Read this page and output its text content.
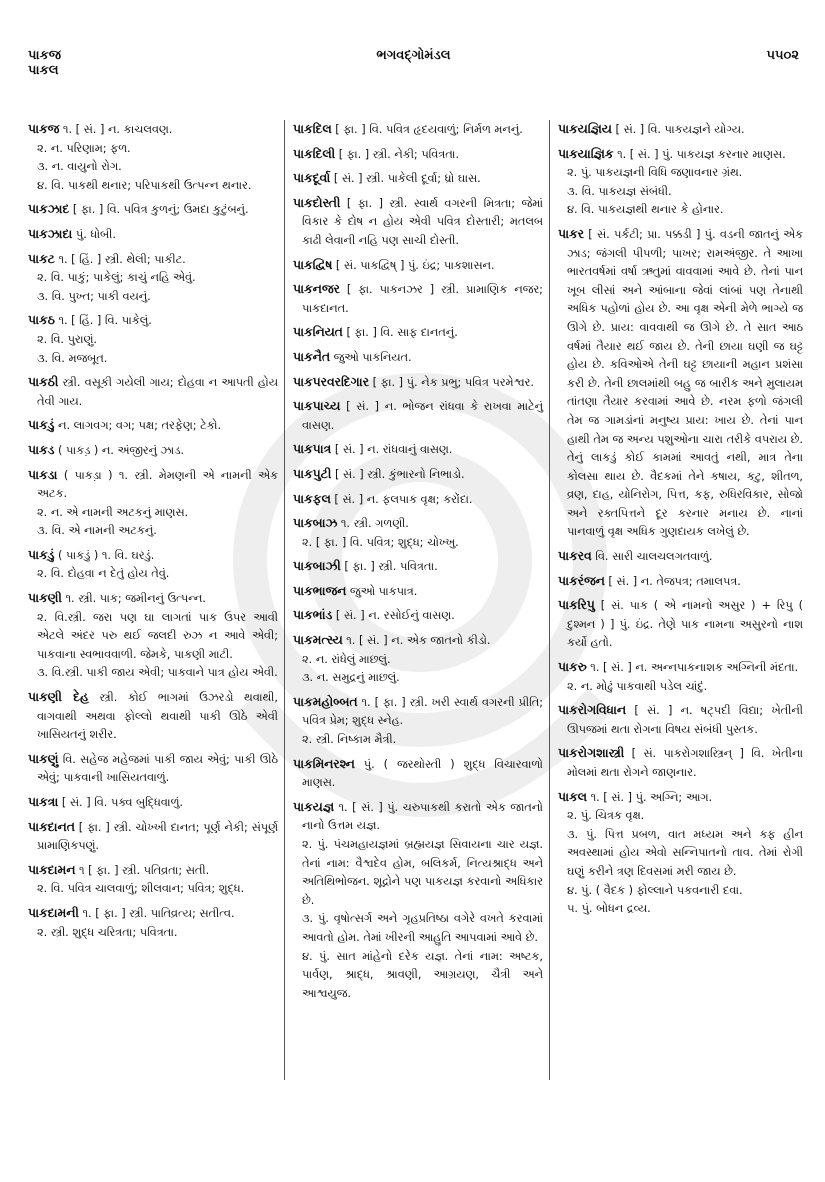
પાકજ
પાકલ
ભગવદ્ગોમંડલ	૫૫૦૨
પાકજ ૧. [ સં. ] ન. કાચલવણ.
૨. ન. પરિણામ; ફળ.
૩. ન. વાયુનો રોગ.
૪. વિ. પાકથી થનાર; પરિપાકથી ઉત્પન્ન થનાર.
પાકઝાદ [ ફા. ] વિ. પવિત્ર કુળનું; ઉમદા કુટુંબનું.
પાકઝાદા પું. ધોબી.
પાકટ ૧. [ હિં. ] સ્ત્રી. થેલી; પાકીટ.
૨. વિ. પાકું; પાકેલું; કાચું નહિ એવું.
૩. વિ. પુખ્ત; પાકી વયનું.
પાકઠ ૧. [ હિં. ] વિ. પાકેલું.
૨. વિ. પુરાણું.
૩. વિ. મજબૂત.
પાકઠી સ્ત્રી. વસૂકી ગયેલી ગાય; દોહવા ન આપતી હોય તેવી ગાય.
પાકડું ન. લાગવગ; વગ; પક્ષ; તરફેણ; ટેકો.
પાકડ ( પાકડ઼ ) ન. અંજીરનું ઝાડ.
પાકડા ( પાકડ઼ા ) ૧. સ્ત્રી. મેમણની એ નામની એક અટક.
૨. ન. એ નામની અટકનું માણસ.
૩. વિ. એ નામની અટકનું.
પાકડું ( પાકડ઼ું ) ૧. વિ. ઘરડું.
૨. વિ. દોહવા ન દેતું હોય તેવું.
પાકણી ૧. સ્ત્રી. પાક; જમીનનું ઉત્પન્ન.
૨. વિ.સ્ત્રી. જરા પણ ઘા લાગતાં પાક ઉપર આવી એટલે અંદર પરુ થઈ જલદી રુઝ ન આવે એવી; પાકવાના સ્વભાવવાળી. જેમકે, પાકણી માટી.
૩. વિ.સ્ત્રી. પાકી જાય એવી; પાકવાને પાત્ર હોય એવી.
પાકણી દેહ સ્ત્રી. કોઈ ભાગમાં ઉઝરડો થવાથી, વાગવાથી અથવા ફોલ્લો થવાથી પાકી ઊઠે એવી ખાસિયતનું શરીર.
પાકણું વિ. સહેજ મહેજમાં પાકી જાય એવું; પાકી ઊઠે એવું; પાકવાની ખાસિયતવાળું.
પાકત્રા [ સં. ] વિ. પક્વ બુદ્ધિવાળું.
પાકદાનત [ ફા. ] સ્ત્રી. ચોખ્ખી દાનત; પૂર્ણ નેકી; સંપૂર્ણ પ્રામાણિકપણું.
પાકદામન ૧ [ ફા. ] સ્ત્રી. પતિવ્રતા; સતી.
૨. વિ. પવિત્ર ચાલવાળું; શીલવાન; પવિત્ર; શુદ્ધ.
પાકદામની ૧. [ ફા. ] સ્ત્રી. પાતિવ્રત્ય; સતીત્વ.
૨. સ્ત્રી. શુદ્ધ ચરિત્રતા; પવિત્રતા.
પાકદિલ [ ફા. ] વિ. પવિત્ર હૃદયવાળું; નિર્મળ મનનું.
પાકદિલી [ ફા. ] સ્ત્રી. નેકી; પવિત્રતા.
પાકદૂર્વા [ સં. ] સ્ત્રી. પાકેલી દૂર્વા; ધ્રો ઘાસ.
પાકદોસ્તી [ ફા. ] સ્ત્રી. સ્વાર્થ વગરની મિત્રતા; જેમાં વિકાર કે દોષ ન હોય એવી પવિત્ર દોસ્તારી; મતલબ કાઢી લેવાની નહિ પણ સાચી દોસ્તી.
પાકદ્વિષ [ સં. પાકદ્વિષ્ ] પું. ઇંદ્ર; પાકશાસન.
પાકનજર [ ફા. પાકનઝર ] સ્ત્રી. પ્રામાણિક નજર; પાકદાનત.
પાકનિયત [ ફા. ] વિ. સાફ દાનતનું.
પાકનૈત જુઓ પાકનિયત.
પાકપરવરદિગાર [ ફા. ] પું. નેક પ્રભુ; પવિત્ર પરમેશ્વર.
પાકપાચ્ય [ સં. ] ન. ભોજન રાંધવા કે રાખવા માટેનું વાસણ.
પાકપાત્ર [ સં. ] ન. રાંધવાનું વાસણ.
પાકપુટી [ સં. ] સ્ત્રી. કુંભારનો નિભાડો.
પાકફલ [ સં. ] ન. ફલપાક વૃક્ષ; કરોંદા.
પાકબાઝ ૧. સ્ત્રી. ગળણી.
૨. [ ફા. ] વિ. પવિત્ર; શુદ્ધ; ચોખ્ખુ.
પાકબાઝી [ ફા. ] સ્ત્રી. પવિત્રતા.
પાકભાજન જુઓ પાકપાત્ર.
પાકભાંડ [ સં. ] ન. રસોઈનું વાસણ.
પાકમત્સ્ય ૧. [ સં. ] ન. એક જાતનો કીડો.
૨. ન. રાંધેલું માછલું.
૩. ન. સમુદ્રનું માછલું.
પાકમહોબ્બત ૧. [ ફા. ] સ્ત્રી. ખરી સ્વાર્થ વગરની પ્રીતિ; પવિત્ર પ્રેમ; શુદ્ધ સ્નેહ.
૨. સ્ત્રી. નિષ્કામ મૈત્રી.
પાકમિનરશ્ન પું. ( જરથોસ્તી ) શુદ્ધ વિચારવાળો માણસ.
પાકયજ્ઞ ૧. [ સં. ] પું. ચરુપાકથી કરાતો એક જાતનો નાનો ઉત્તમ યજ્ઞ.
૨. પું. પંચમહાયજ્ઞમાં બ્રહ્મયજ્ઞ સિવાયના ચાર યજ્ઞ. તેનાં નામ: વૈશ્વદેવ હોમ, બલિકર્મ, નિત્યશ્રાદ્ધ અને અતિથિભોજન. શૂદ્રોને પણ પાકયજ્ઞ કરવાનો અધિકાર છે.
૩. પું. વૃષોત્સર્ગ અને ગૃહપ્રતિષ્ઠા વગેરે વખતે કરવામાં આવતો હોમ. તેમાં ખીરની આહુતિ આપવામાં આવે છે.
૪. પું. સાત માંહેનો દરેક યજ્ઞ. તેનાં નામ: અષ્ટક, પાર્વણ, શ્રાદ્ધ, શ્રાવણી, આગ્રયણ, ચૈત્રી અને આશ્વયુજ.
પાકયજ્ઞિય [ સં. ] વિ. પાકયજ્ઞને યોગ્ય.
પાકયાજ્ઞિક ૧. [ સં. ] પું. પાકયજ્ઞ કરનાર માણસ.
૨. પું. પાકયજ્ઞની વિધિ જણાવનાર ગ્રંથ.
૩. વિ. પાકયજ્ઞ સંબંધી.
૪. વિ. પાકયજ્ઞથી થનાર કે હોનાર.
પાકર [ સં. પર્કટી; પ્રા. પક્કડી ] પું. વડની જાતનું એક ઝાડ; જંગલી પીપળી; પાખર; રામઅંજીર. તે આખા ભારતવર્ષમાં વર્ષા ઋતુમાં વાવવામાં આવે છે. તેનાં પાન ખૂબ લીસાં અને આંબાના જેવાં લાંબાં પણ તેનાથી અધિક પહોળાં હોય છે. આ વૃક્ષ એની મેળે ભાગ્યે જ ઊગે છે. પ્રાય: વાવવાથી જ ઊગે છે. તે સાત આઠ વર્ષમાં તૈયાર થઈ જાય છે. તેની છાયા ઘણી જ ઘટ્ટ હોય છે. કવિઓએ તેની ઘટ્ટ છાયાની મહાન પ્રશંસા કરી છે. તેની છાલમાંથી બહુ જ બારીક અને મુલાયમ તાંતણા તૈયાર કરવામાં આવે છે. નરમ ફળો જંગલી તેમ જ ગામડાંનાં મનુષ્ય પ્રાય: ખાય છે. તેનાં પાન હાથી તેમ જ અન્ય પશુઓના ચારા તરીકે વપરાય છે. તેનું લાકડું કોઈ કામમાં આવતું નથી, માત્ર તેના કોલસા થાય છે. વૈદકમાં તેને કષાય, કટુ, શીતળ, વ્રણ, દાહ, યોનિરોગ, પિત્ત, કફ, રુધિરવિકાર, સોજો અને રક્તપિત્તને દૂર કરનાર મનાય છે. નાનાં પાનવાળું વૃક્ષ અધિક ગુણદાયક લખેલું છે.
પાકરવ વિ. સારી ચાલચલગતવાળું.
પાકરંજન [ સં. ] ન. તેજપત્ર; તમાલપત્ર.
પાકરિપુ [ સં. પાક ( એ નામનો અસુર ) + રિપુ ( દુશ્મન ) ] પું. ઇંદ્ર. તેણે પાક નામના અસુરનો નાશ કર્યો હતો.
પાકરુ ૧. [ સં. ] ન. અન્નપાકનાશક અગ્નિની મંદતા.
૨. ન. મોઢું પાકવાથી પડેલ ચાંદું.
પાકરોગવિધાન [ સં. ] ન. ષટ્પદી વિદ્યા; ખેતીની ઊપજમાં થતા રોગના વિષય સંબંધી પુસ્તક.
પાકરોગશાસ્ત્રી [ સં. પાકરોગશાસ્ત્રિન્ ] વિ. ખેતીના મોલમાં થતા રોગને જાણનાર.
પાકલ ૧. [ સં. ] પું. અગ્નિ; આગ.
૨. પું. ચિત્રક વૃક્ષ.
૩. પું. પિત્ત પ્રબળ, વાત મધ્યમ અને કફ હીન અવસ્થામાં હોય એવો સન્નિપાતનો તાવ. તેમાં રોગી ઘણું કરીને ત્રણ દિવસમાં મરી જાય છે.
૪. પું. ( વૈદક ) ફોલ્લાને પકવનારી દવા.
૫. પું. બોધન દ્રવ્ય.
